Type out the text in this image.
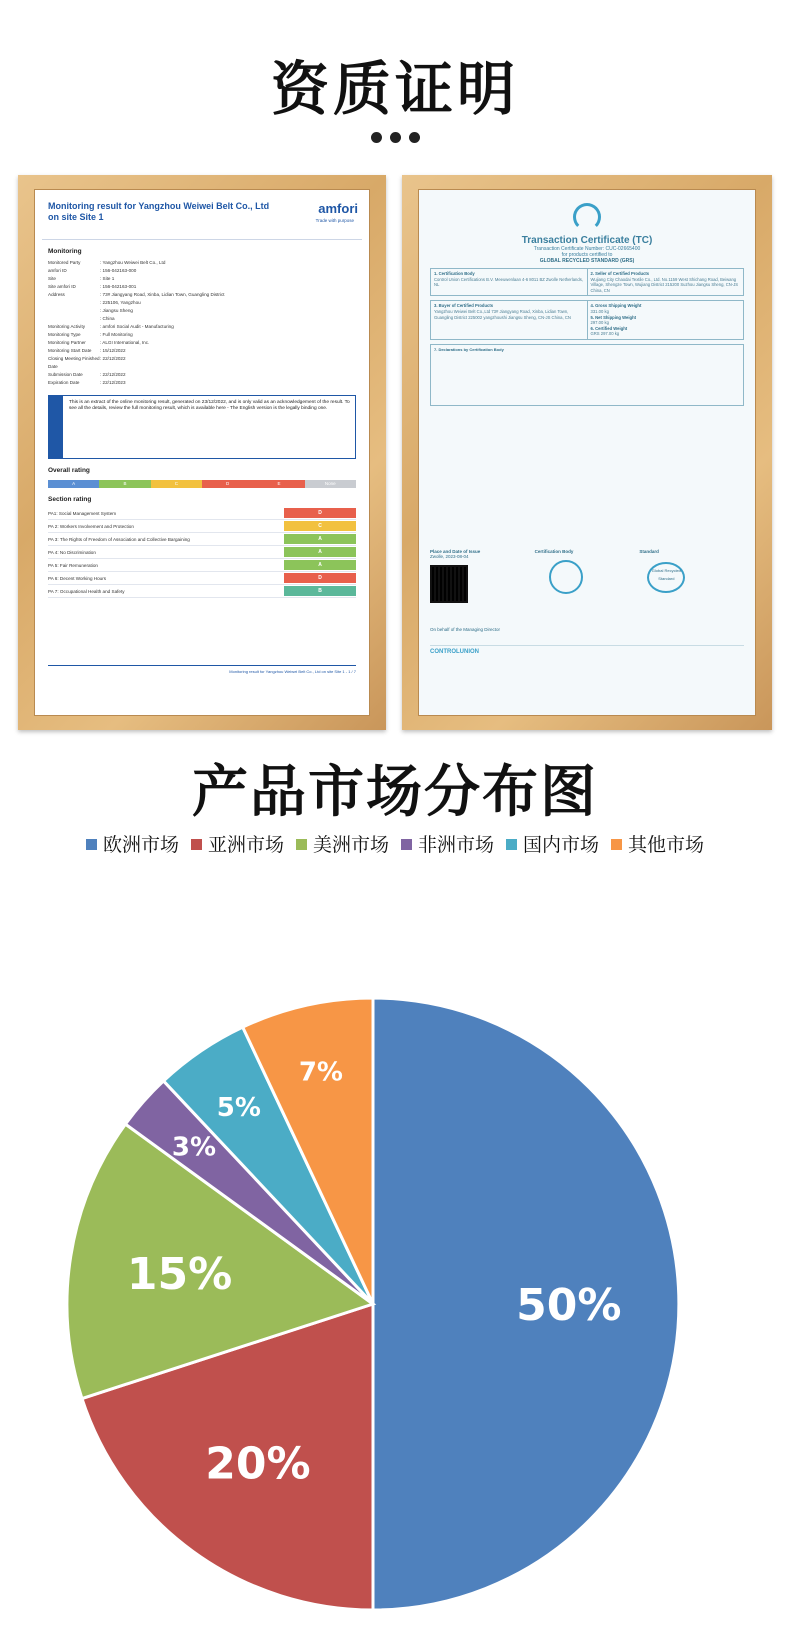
资质证明
Monitoring result for Yangzhou Weiwei Belt Co., Ltd on site Site 1
amfori
Trade with purpose
Monitoring
Monitored Party	: Yangzhou Weiwei Belt Co., Ltd
amfori ID	: 156-042163-000
Site	: Site 1
Site amfori ID	: 156-042163-001
Address	: 73# Jiangyang Road, Xinba, Lidian Town, Guangling District
: 225106, Yangzhou
: Jiangsu Sheng
: China
Monitoring Activity	: amfori Social Audit - Manufacturing
Monitoring Type	: Full Monitoring
Monitoring Partner	: ALGI International, Inc.
Monitoring Start Date	: 15/12/2022
Closing Meeting Finished Date
: 22/12/2022
Submission Date	: 22/12/2022
Expiration Date	: 22/12/2023
This is an extract of the online monitoring result, generated on 23/12/2022, and is only valid as an acknowledgement of the result. To see all the details, review the full monitoring result, which is available here - The English version is the legally binding one.
Overall rating
A	B	C	D	E	None
Section rating
PA1: Social Management System	D
PA 2: Workers Involvement and Protection	C
PA 3: The Rights of Freedom of Association and Collective Bargaining	A
PA 4: No Discrimination	A
PA 5: Fair Remuneration	A
PA 6: Decent Working Hours	D
PA 7: Occupational Health and Safety	B
Monitoring result for Yangzhou Weiwei Belt Co., Ltd on site Site 1 - 1 / 7
Transaction Certificate (TC)
Transaction Certificate Number: CUC-02665400
for products certified to
GLOBAL RECYCLED STANDARD (GRS)
1. Certification Body
Control Union Certifications B.V. Meeuwenlaan 4-6 8011 BZ Zwolle Netherlands, NL
2. Seller of Certified Products
Wujiang City Chaodai Textile Co., Ltd. No.1159 West Shichang Road, Beiwang Village, Shengze Town, Wujiang District 215200 Suzhou Jiangsu Sheng, CN-JS China, CN
3. Buyer of Certified Products
Yangzhou Weiwei Belt Co.,Ltd 73# Jiangyang Road, Xinba, Lidian Town, Guangling District 225002 yangzhoushi Jiangsu Sheng, CN-JS China, CN
4. Gross Shipping Weight
331.00 kg
5. Net Shipping Weight
297.00 kg
6. Certified Weight
GRS 297.00 kg
7. Declarations by Certification Body
Place and Date of Issue
Zwolle, 2023-08-04
Certification Body	Standard
Global Recycled Standard
On behalf of the Managing Director
CONTROLUNION
产品市场分布图
欧洲市场 亚洲市场 美洲市场 非洲市场 国内市场 其他市场
50%
20%
15%
3%
5%
7%
